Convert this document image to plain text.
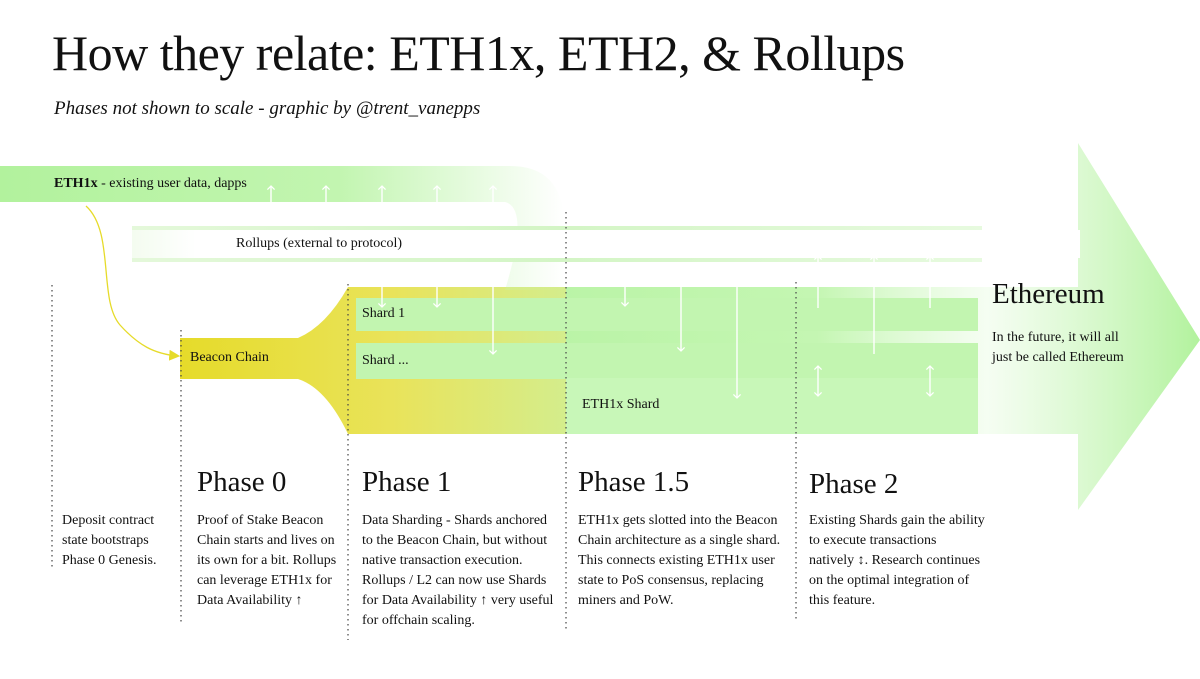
How they relate: ETH1x, ETH2, & Rollups

Phases not shown to scale - graphic by @trent_vanepps

ETH1x - existing user data, dapps
Rollups (external to protocol)
Beacon Chain
Shard 1
Shard ...
ETH1x Shard
Ethereum
In the future, it will all just be called Ethereum
Deposit contract state bootstraps Phase 0 Genesis.
Phase 0
Proof of Stake Beacon Chain starts and lives on its own for a bit. Rollups can leverage ETH1x for Data Availability ↑
Phase 1
Data Sharding - Shards anchored to the Beacon Chain, but without native transaction execution. Rollups / L2 can now use Shards for Data Availability ↑ very useful for offchain scaling.
Phase 1.5
ETH1x gets slotted into the Beacon Chain architecture as a single shard. This connects existing ETH1x user state to PoS consensus, replacing miners and PoW.
Phase 2
Existing Shards gain the ability to execute transactions natively ↕. Research continues on the optimal integration of this feature.
